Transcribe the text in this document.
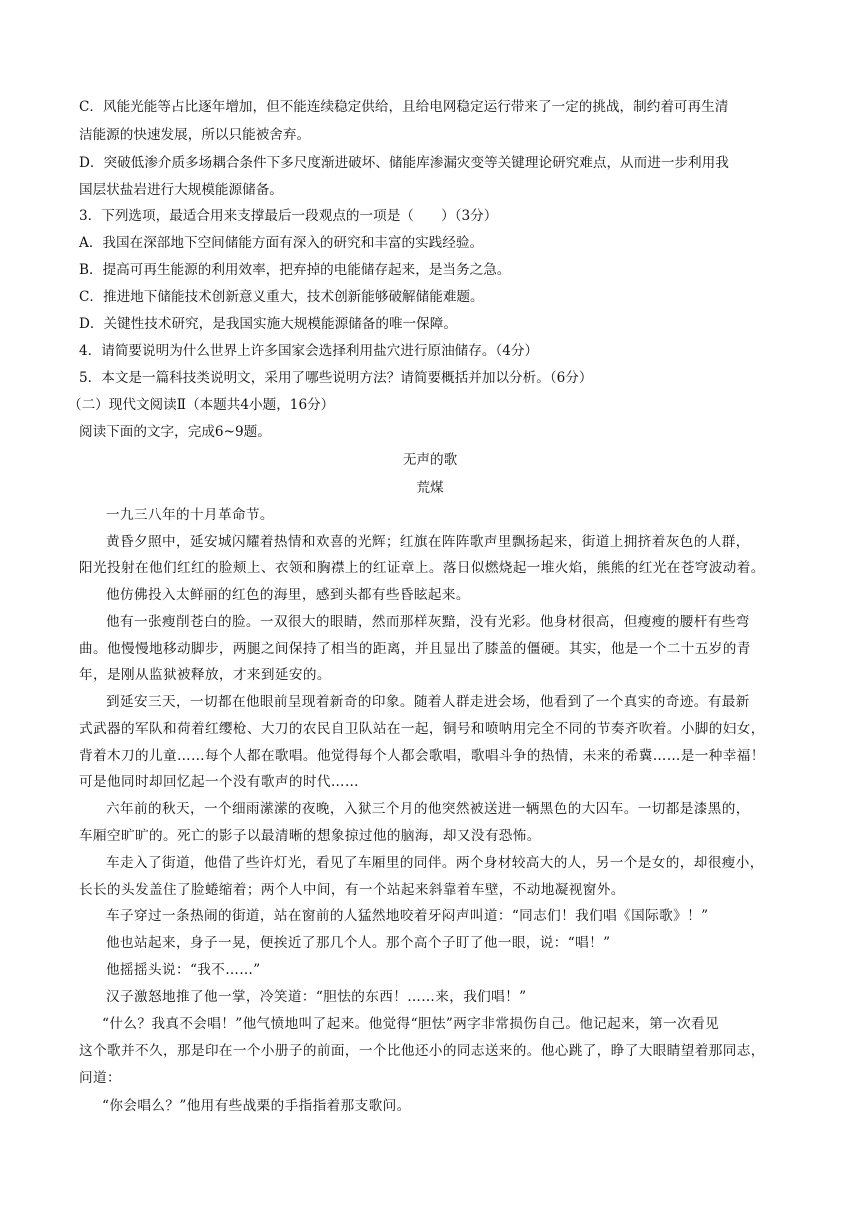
C．风能光能等占比逐年增加，但不能连续稳定供给，且给电网稳定运行带来了一定的挑战，制约着可再生清
洁能源的快速发展，所以只能被舍弃。
D．突破低渗介质多场耦合条件下多尺度渐进破坏、储能库渗漏灾变等关键理论研究难点，从而进一步利用我
国层状盐岩进行大规模能源储备。
3．下列选项，最适合用来支撑最后一段观点的一项是（　　）（3分）
A．我国在深部地下空间储能方面有深入的研究和丰富的实践经验。
B．提高可再生能源的利用效率，把弃掉的电能储存起来，是当务之急。
C．推进地下储能技术创新意义重大，技术创新能够破解储能难题。
D．关键性技术研究，是我国实施大规模能源储备的唯一保障。
4．请简要说明为什么世界上许多国家会选择利用盐穴进行原油储存。（4分）
5．本文是一篇科技类说明文，采用了哪些说明方法？请简要概括并加以分析。（6分）
（二）现代文阅读Ⅱ（本题共4小题，16分）
阅读下面的文字，完成6~9题。
无声的歌
荒煤
一九三八年的十月革命节。
黄昏夕照中，延安城闪耀着热情和欢喜的光辉；红旗在阵阵歌声里飘扬起来，街道上拥挤着灰色的人群，
阳光投射在他们红红的脸颊上、衣领和胸襟上的红证章上。落日似燃烧起一堆火焰，熊熊的红光在苍穹波动着。
他仿佛投入太鲜丽的红色的海里，感到头都有些昏眩起来。
他有一张瘦削苍白的脸。一双很大的眼睛，然而那样灰黯，没有光彩。他身材很高，但瘦瘦的腰杆有些弯
曲。他慢慢地移动脚步，两腿之间保持了相当的距离，并且显出了膝盖的僵硬。其实，他是一个二十五岁的青
年，是刚从监狱被释放，才来到延安的。
到延安三天，一切都在他眼前呈现着新奇的印象。随着人群走进会场，他看到了一个真实的奇迹。有最新
式武器的军队和荷着红缨枪、大刀的农民自卫队站在一起，铜号和喷呐用完全不同的节奏齐吹着。小脚的妇女，
背着木刀的儿童……每个人都在歌唱。他觉得每个人都会歌唱，歌唱斗争的热情，未来的希冀……是一种幸福！
可是他同时却回忆起一个没有歌声的时代……
六年前的秋天，一个细雨潆潆的夜晚，入狱三个月的他突然被送进一辆黑色的大囚车。一切都是漆黑的，
车厢空旷旷的。死亡的影子以最清晰的想象掠过他的脑海，却又没有恐怖。
车走入了街道，他借了些许灯光，看见了车厢里的同伴。两个身材较高大的人，另一个是女的，却很瘦小，
长长的头发盖住了脸蜷缩着；两个人中间，有一个站起来斜靠着车壁，不动地凝视窗外。
车子穿过一条热闹的街道，站在窗前的人猛然地咬着牙闷声叫道：“同志们！我们唱《国际歌》！”
他也站起来，身子一晃，便挨近了那几个人。那个高个子盯了他一眼，说：“唱！”
他摇摇头说：“我不……”
汉子激怒地推了他一掌，冷笑道：“胆怯的东西！……来，我们唱！”
“什么？我真不会唱！”他气愤地叫了起来。他觉得“胆怯”两字非常损伤自己。他记起来，第一次看见
这个歌并不久，那是印在一个小册子的前面，一个比他还小的同志送来的。他心跳了，睁了大眼睛望着那同志，
问道：
“你会唱么？”他用有些战栗的手指指着那支歌问。
